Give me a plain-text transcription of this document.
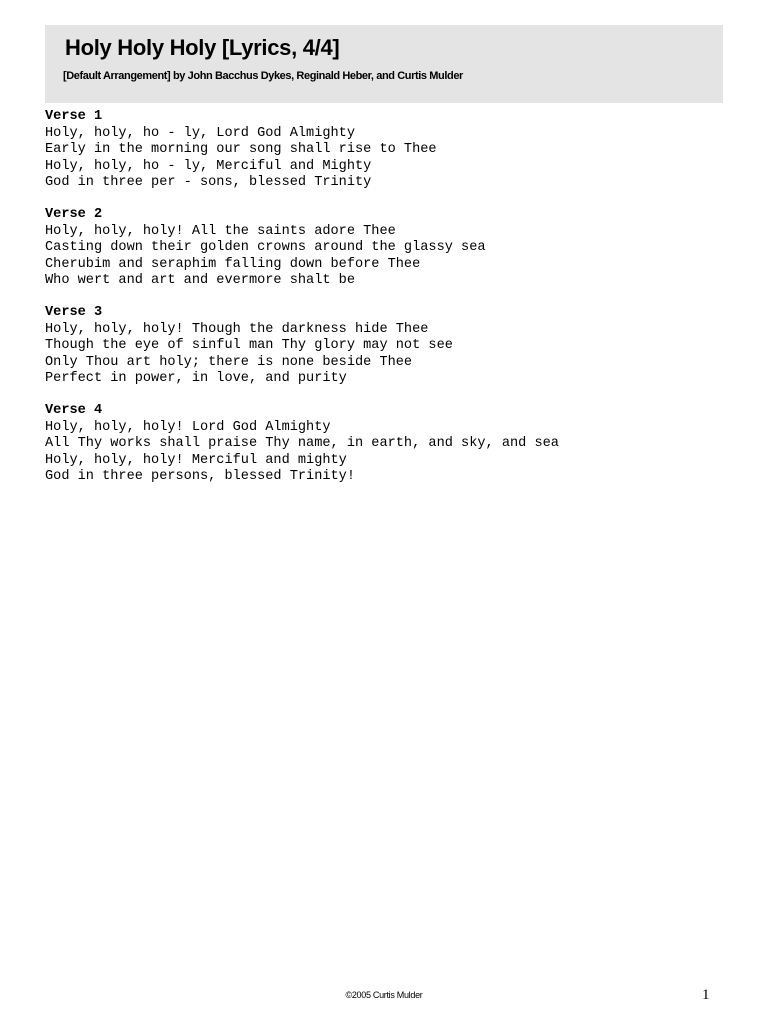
Holy Holy Holy [Lyrics, 4/4]
[Default Arrangement] by John Bacchus Dykes, Reginald Heber, and Curtis Mulder
Verse 1
Holy, holy, ho - ly, Lord God Almighty
Early in the morning our song shall rise to Thee
Holy, holy, ho - ly, Merciful and Mighty
God in three per - sons, blessed Trinity
Verse 2
Holy, holy, holy! All the saints adore Thee
Casting down their golden crowns around the glassy sea
Cherubim and seraphim falling down before Thee
Who wert and art and evermore shalt be
Verse 3
Holy, holy, holy! Though the darkness hide Thee
Though the eye of sinful man Thy glory may not see
Only Thou art holy; there is none beside Thee
Perfect in power, in love, and purity
Verse 4
Holy, holy, holy! Lord God Almighty
All Thy works shall praise Thy name, in earth, and sky, and sea
Holy, holy, holy! Merciful and mighty
God in three persons, blessed Trinity!
©2005 Curtis Mulder	1
